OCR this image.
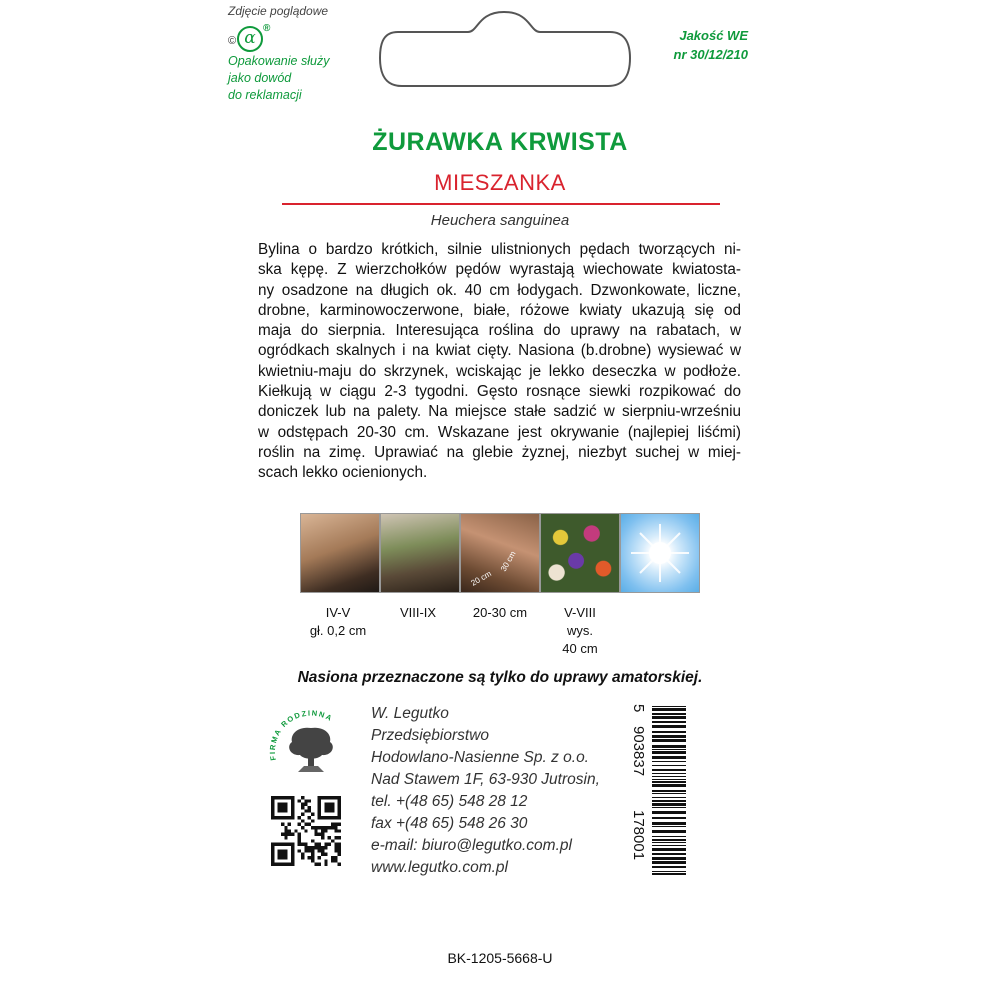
Zdjęcie poglądowe
© α ®
Opakowanie służy
jako dowód
do reklamacji
Jakość WE
nr 30/12/210
ŻURAWKA KRWISTA
MIESZANKA
Heuchera sanguinea
Bylina o bardzo krótkich, silnie ulistnionych pędach tworzących ni-
ska kępę. Z wierzchołków pędów wyrastają wiechowate kwiatosta-
ny osadzone na długich ok. 40 cm łodygach. Dzwonkowate, liczne,
drobne, karminowoczerwone, białe, różowe kwiaty ukazują się od
maja do sierpnia. Interesująca roślina do uprawy na rabatach, w
ogródkach skalnych i na kwiat cięty. Nasiona (b.drobne) wysiewać w
kwietniu-maju do skrzynek, wciskając je lekko deseczka w podłoże.
Kiełkują w ciągu 2-3 tygodni. Gęsto rosnące siewki rozpikować do
doniczek lub na palety. Na miejsce stałe sadzić w sierpniu-wrześniu
w odstępach 20-30 cm. Wskazane jest okrywanie (najlepiej liśćmi)
roślin na zimę. Uprawiać na glebie żyznej, niezbyt suchej w miej-
scach lekko ocienionych.
30 cm
20 cm
IV-V
gł. 0,2 cm
VIII-IX	20-30 cm	V-VIII
wys.
40 cm
Nasiona przeznaczone są tylko do uprawy amatorskiej.
FIRMA RODZINNA W. Legutko
Przedsiębiorstwo
Hodowlano-Nasienne Sp. z o.o.
Nad Stawem 1F, 63-930 Jutrosin,
tel. +(48 65) 548 28 12
fax +(48 65) 548 26 30
e-mail: biuro@legutko.com.pl
www.legutko.com.pl
5
903837
178001
BK-1205-5668-U
